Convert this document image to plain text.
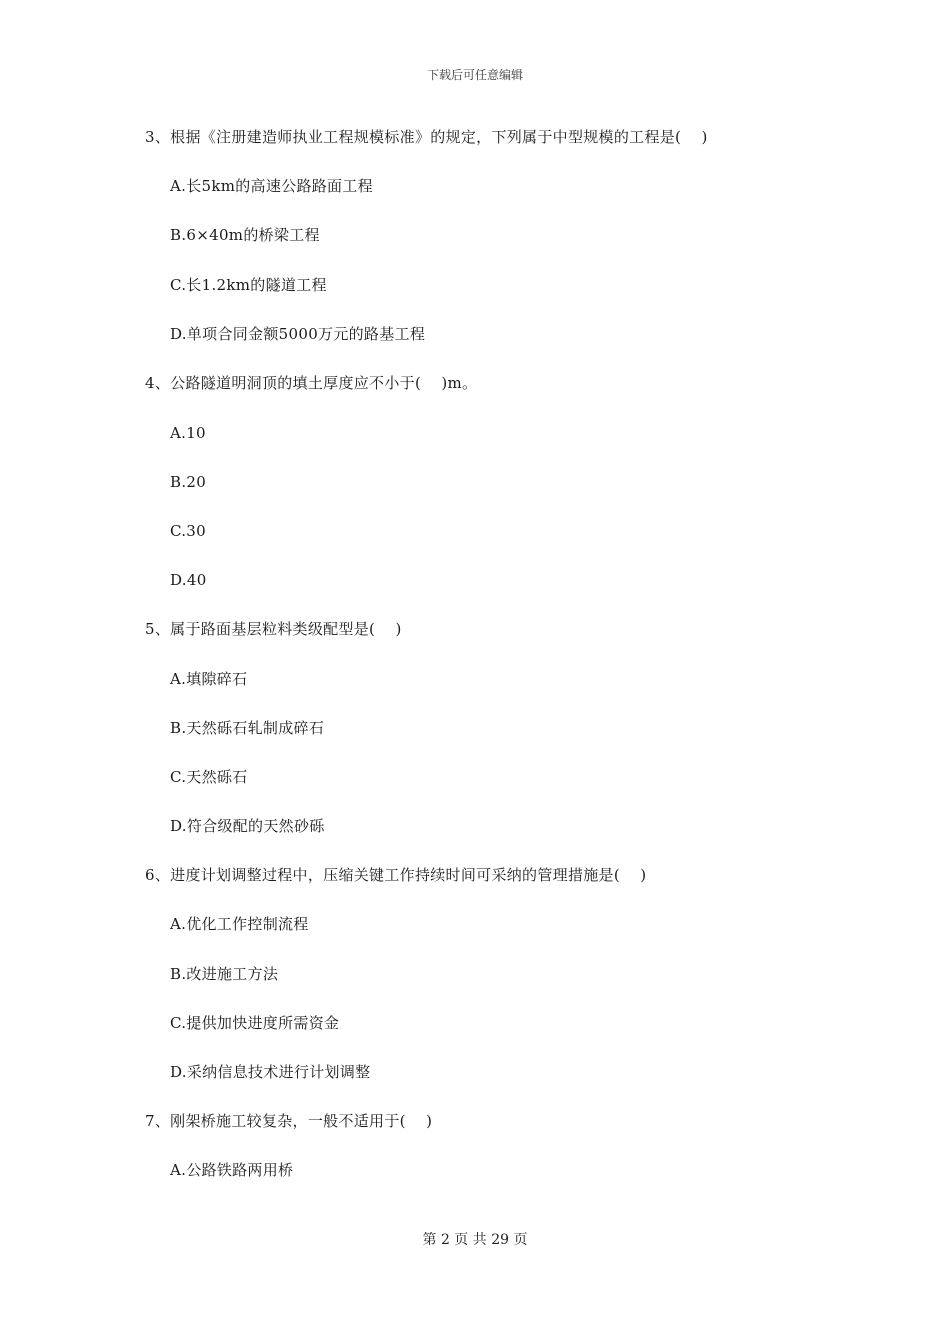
下载后可任意编辑
3、根据《注册建造师执业工程规模标准》的规定，下列属于中型规模的工程是(    )
A.长5km的高速公路路面工程
B.6×40m的桥梁工程
C.长1.2km的隧道工程
D.单项合同金额5000万元的路基工程
4、公路隧道明洞顶的填土厚度应不小于(    )m。
A.10
B.20
C.30
D.40
5、属于路面基层粒料类级配型是(    )
A.填隙碎石
B.天然砾石轧制成碎石
C.天然砾石
D.符合级配的天然砂砾
6、进度计划调整过程中，压缩关键工作持续时间可采纳的管理措施是(    )
A.优化工作控制流程
B.改进施工方法
C.提供加快进度所需资金
D.采纳信息技术进行计划调整
7、刚架桥施工较复杂，一般不适用于(    )
A.公路铁路两用桥
第 2 页 共 29 页
